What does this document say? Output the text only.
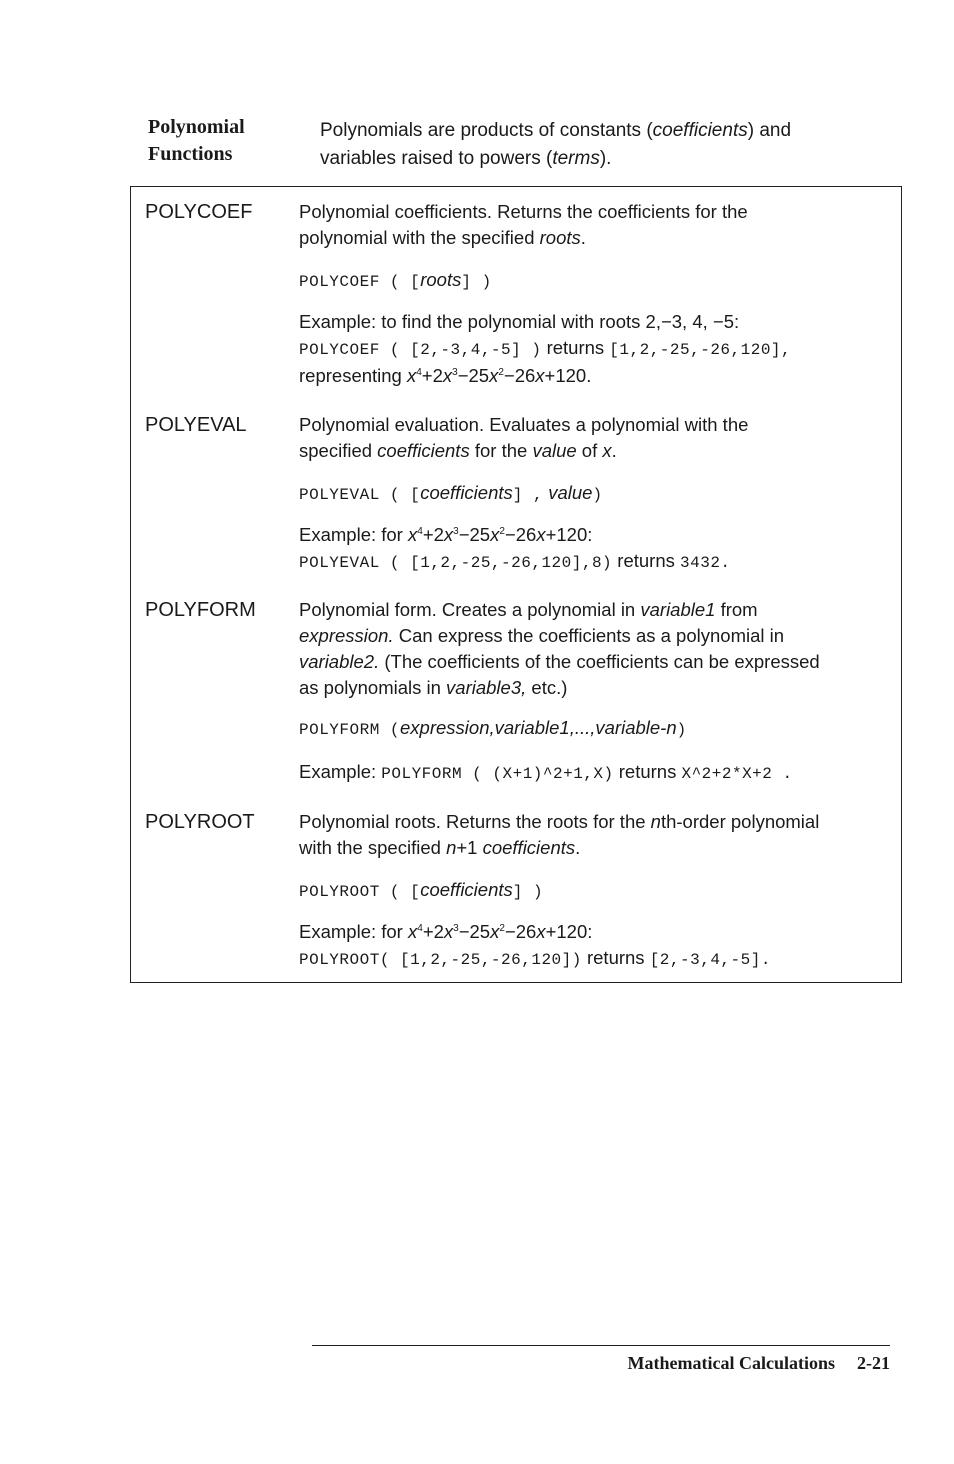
Polynomial
Functions
Polynomials are products of constants (coefficients) and
variables raised to powers (terms).
POLYCOEF	Polynomial coefficients. Returns the coefficients for the

polynomial with the specified roots.

POLYCOEF ( [roots] )

Example: to find the polynomial with roots 2,−3, 4, −5:

POLYCOEF ( [2,-3,4,-5] ) returns [1,2,-25,-26,120],

representing $x^4+2x^3-25x^2-26x+120$.

POLYEVAL	Polynomial evaluation. Evaluates a polynomial with the

specified coefficients for the value of x.

POLYEVAL ( [coefficients] , value)

Example: for $x^4+2x^3-25x^2-26x+120$:

POLYEVAL ( [1,2,-25,-26,120],8) returns 3432.

POLYFORM Polynomial form. Creates a polynomial in variable1 from

expression. Can express the coefficients as a polynomial in

variable2. (The coefficients of the coefficients can be expressed

as polynomials in variable3, etc.)

POLYFORM (expression,variable1,...,variable-n)

Example: POLYFORM ( (X+1)^2+1,X) returns X^2+2*X+2 .

POLYROOT Polynomial roots. Returns the roots for the nth-order polynomial

with the specified n+1 coefficients.

POLYROOT ( [coefficients] )

Example: for $x^4+2x^3-25x^2-26x+120$:

POLYROOT( [1,2,-25,-26,120]) returns [2,-3,4,-5].

Mathematical Calculations 2-21
